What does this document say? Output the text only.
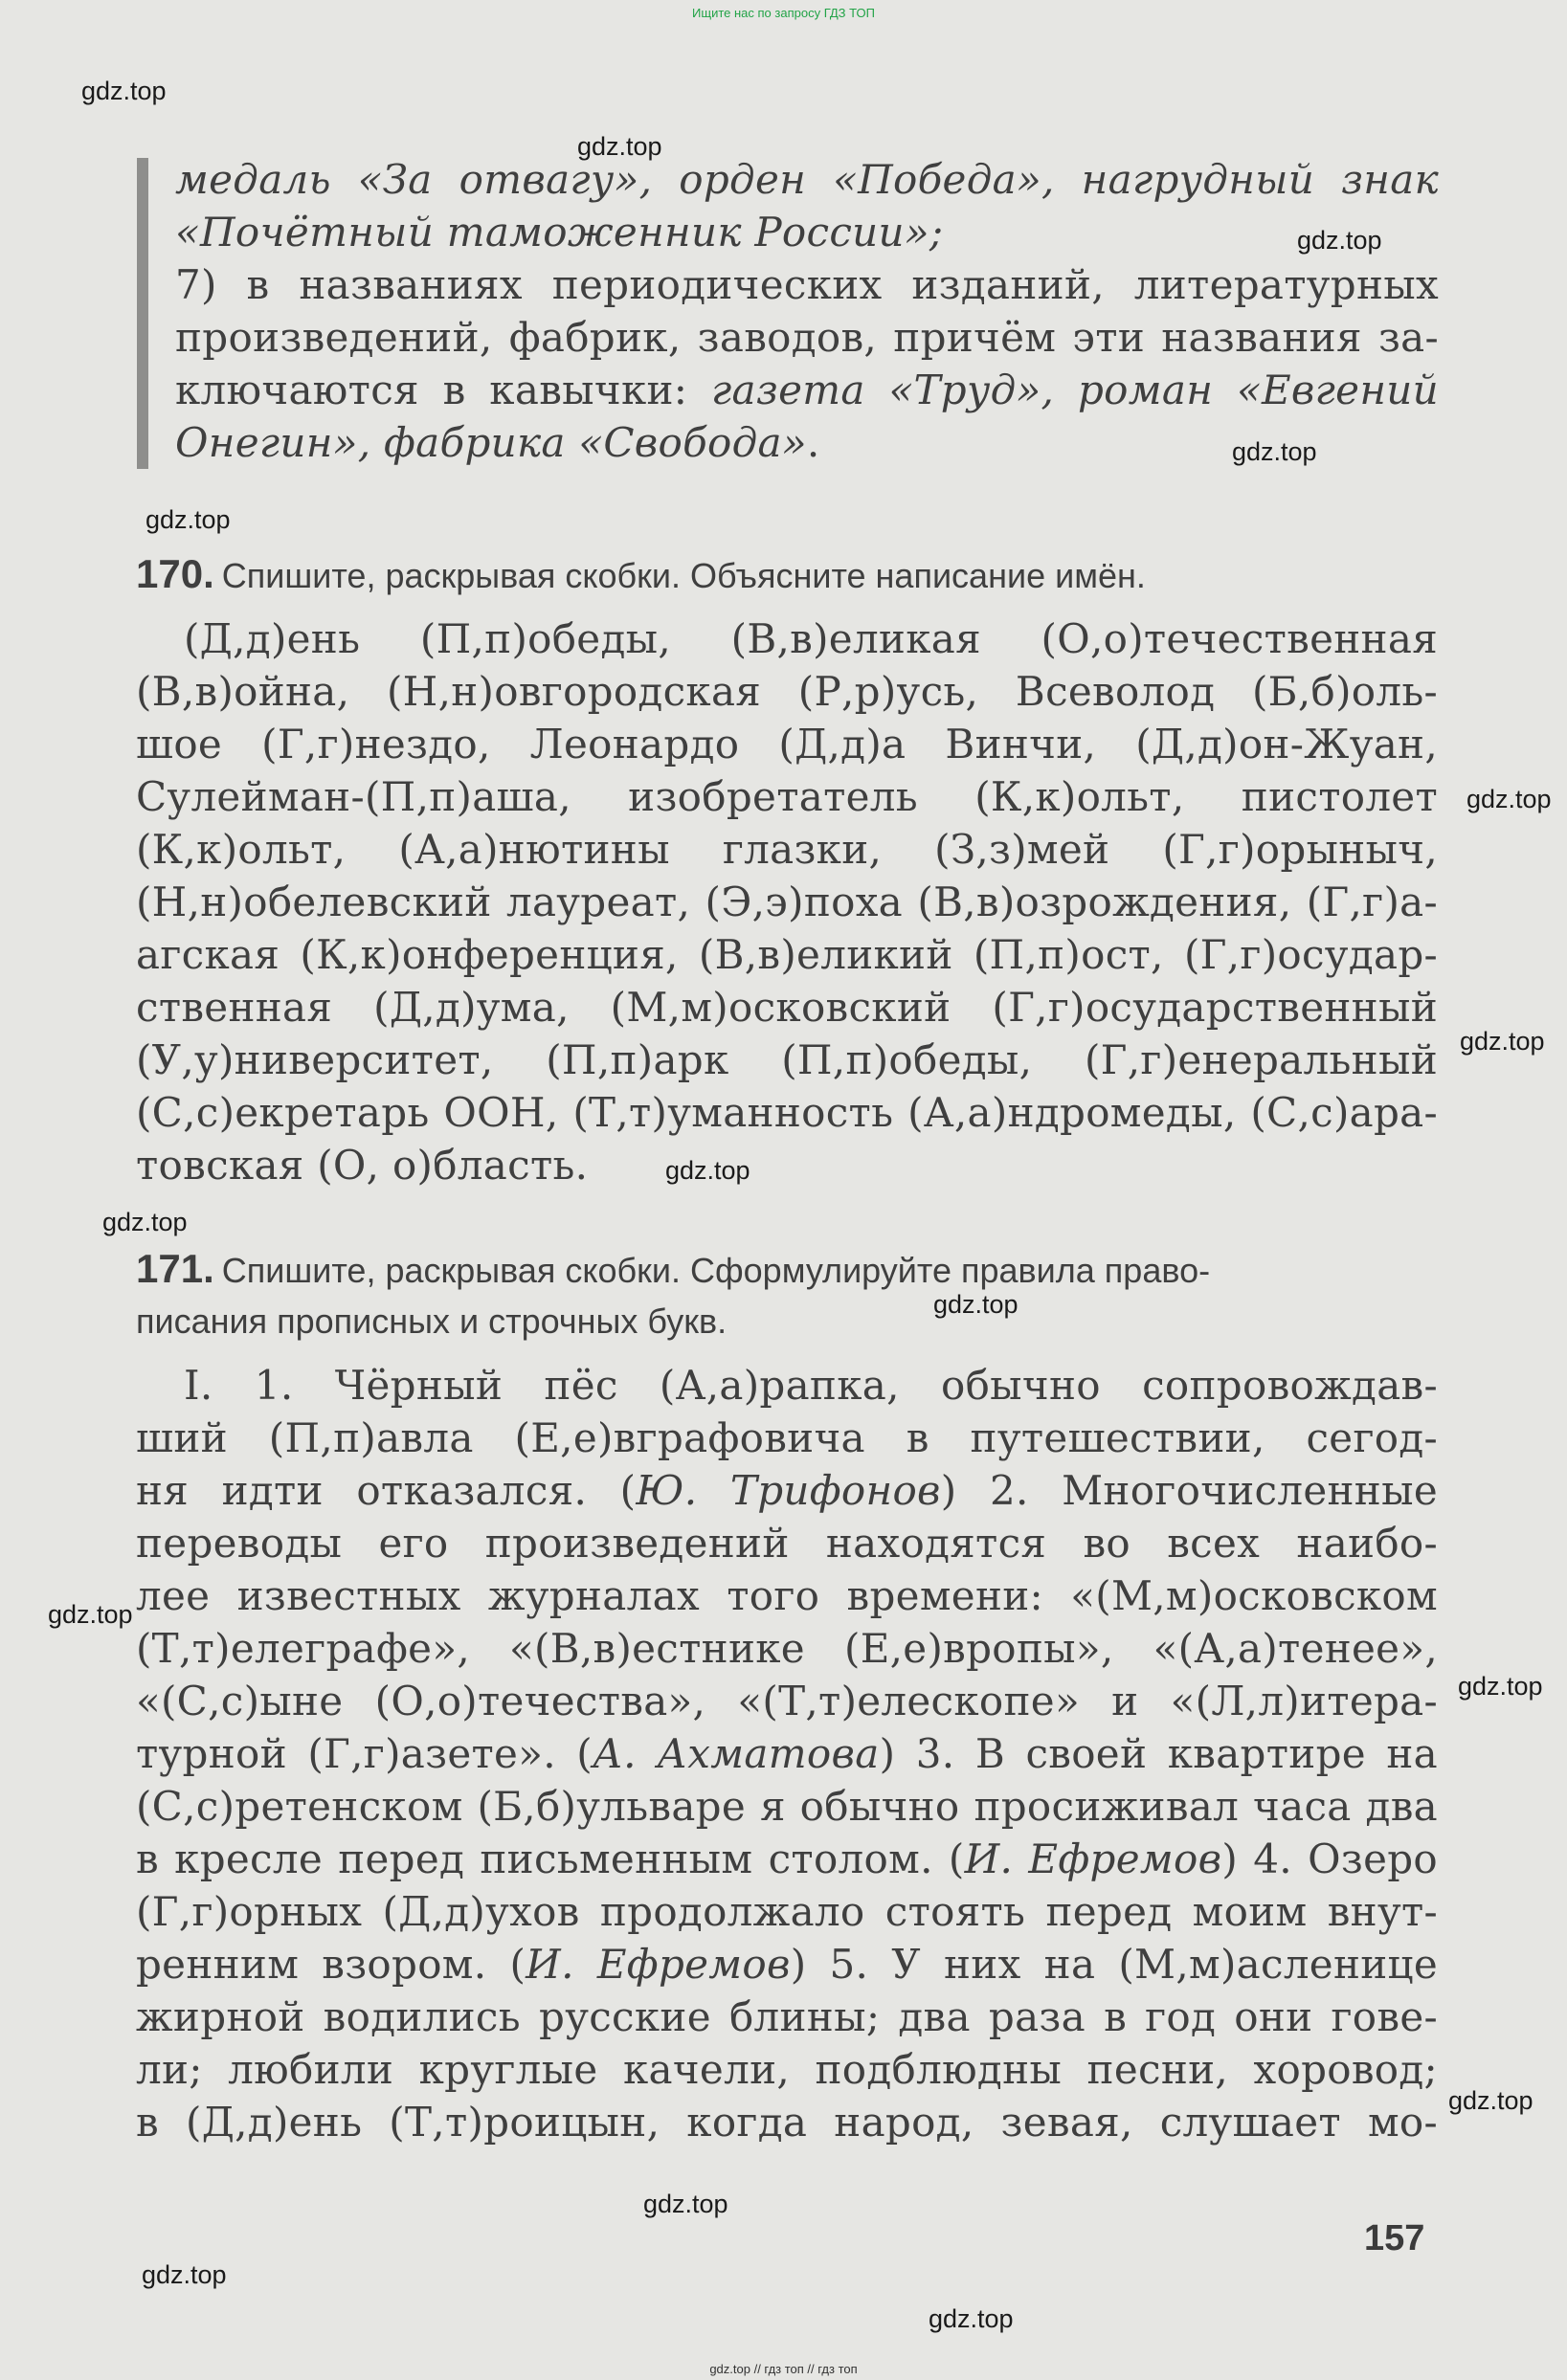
Ищите нас по запросу ГДЗ ТОП
gdz.top
gdz.top
gdz.top
gdz.top
gdz.top
gdz.top
gdz.top
gdz.top
gdz.top
gdz.top
gdz.top
gdz.top
gdz.top
gdz.top
gdz.top
gdz.top
медаль «За отвагу», орден «Победа», нагрудный знак
«Почётный таможенник России»;
7) в названиях периодических изданий, литературных
произведений, фабрик, заводов, причём эти названия за-
ключаются в кавычки: газета «Труд», роман «Евгений
Онегин», фабрика «Свобода».
170. Спишите, раскрывая скобки. Объясните написание имён.
(Д,д)ень (П,п)обеды, (В,в)еликая (О,о)течественная
(В,в)ойна, (Н,н)овгородская (Р,р)усь, Всеволод (Б,б)оль-
шое (Г,г)нездо, Леонардо (Д,д)а Винчи, (Д,д)он-Жуан,
Сулейман-(П,п)аша, изобретатель (К,к)ольт, пистолет
(К,к)ольт, (А,а)нютины глазки, (З,з)мей (Г,г)орыныч,
(Н,н)обелевский лауреат, (Э,э)поха (В,в)озрождения, (Г,г)а-
агская (К,к)онференция, (В,в)еликий (П,п)ост, (Г,г)осудар-
ственная (Д,д)ума, (М,м)осковский (Г,г)осударственный
(У,у)ниверситет, (П,п)арк (П,п)обеды, (Г,г)енеральный
(С,с)екретарь ООН, (Т,т)уманность (А,а)ндромеды, (С,с)ара-
товская (О, о)бласть.
171. Спишите, раскрывая скобки. Сформулируйте правила право-
писания прописных и строчных букв.
I. 1. Чёрный пёс (А,а)рапка, обычно сопровождав-
ший (П,п)авла (Е,е)вграфовича в путешествии, сегод-
ня идти отказался. (Ю. Трифонов) 2. Многочисленные
переводы его произведений находятся во всех наибо-
лее известных журналах того времени: «(М,м)осковском
(Т,т)елеграфе», «(В,в)естнике (Е,е)вропы», «(А,а)тенее»,
«(С,с)ыне (О,о)течества», «(Т,т)елескопе» и «(Л,л)итера-
турной (Г,г)азете». (А. Ахматова) 3. В своей квартире на
(С,с)ретенском (Б,б)ульваре я обычно просиживал часа два
в кресле перед письменным столом. (И. Ефремов) 4. Озеро
(Г,г)орных (Д,д)ухов продолжало стоять перед моим внут-
ренним взором. (И. Ефремов) 5. У них на (М,м)асленице
жирной водились русские блины; два раза в год они гове-
ли; любили круглые качели, подблюдны песни, хоровод;
в (Д,д)ень (Т,т)роицын, когда народ, зевая, слушает мо-
157
gdz.top // гдз топ // гдз топ
